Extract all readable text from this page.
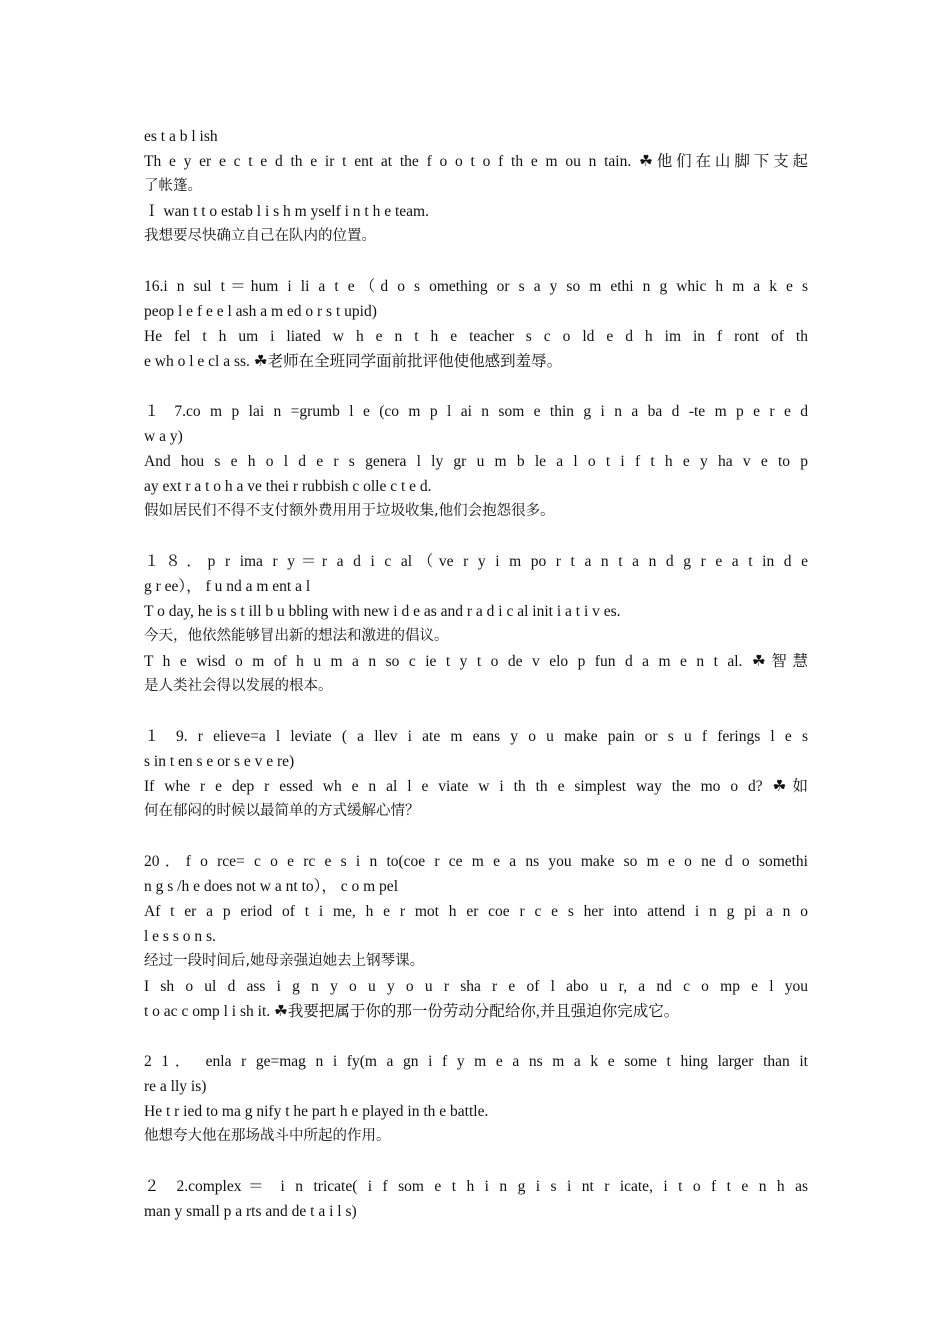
es t a b l ish
Th e y er e c t e d th e ir t ent at the f o o t o f th e m ou n tain. ☘他们在山脚下支起
了帐篷。
Ｉ wan t t o estab l i s h m yself i n t h e team.
我想要尽快确立自己在队内的位置。
16.i n sul t＝hum i li a t e（d o s omething or s a y so m ethi n g whic h m a k e s
peop l e f e e l ash a m ed o r s t upid)
He fel t h um i liated w h e n t h e teacher s c o ld e d h im in f ront of th
e wh o l e cl a ss. ☘老师在全班同学面前批评他使他感到羞辱。
１ 7.co m p lai n =grumb l e (co m p l ai n som e thin g i n a ba d -te m p e r e d
w a y)
And hou s e h o l d e r s genera l ly gr u m b le a l o t i f t h e y ha v e to p
ay ext r a t o h a ve thei r rubbish c olle c t e d.
假如居民们不得不支付额外费用用于垃圾收集,他们会抱怨很多。
１８．p r ima r y＝r a d i c al（ve r y i m po r t a n t a n d g r e a t in d e
g r ee）， f u nd a m ent a l
T o day, he is s t ill b u bbling with new i d e as and r a d i c al init i a t i v es.
今天，他依然能够冒出新的想法和激进的倡议。
T h e wisd o m of h u m a n so c ie t y t o de v elo p fun d a m e n t al. ☘智慧
是人类社会得以发展的根本。
１ 9. r elieve=a l leviate ( a llev i ate m eans y o u make pain or s u f ferings l e s
s in t en s e or s e v e re)
If whe r e dep r essed wh e n al l e viate w i th th e simplest way the mo o d? ☘如
何在郁闷的时候以最简单的方式缓解心情？
20．f o rce= c o e rc e s i n to(coe r ce m e a ns you make so m e o ne d o somethi
n g s /h e does not w a nt to）， c o m pel
Af t er a p eriod of t i me, h e r mot h er coe r c e s her into attend i n g pi a n o
l e s s o n s.
经过一段时间后,她母亲强迫她去上钢琴课。
I sh o ul d ass i g n y o u y o u r sha r e of l abo u r, a nd c o mp e l you
t o ac c omp l i sh it. ☘我要把属于你的那一份劳动分配给你,并且强迫你完成它。
2 1． enla r ge=mag n i fy(m a gn i f y m e a ns m a k e some t hing larger than it
re a lly is)
He t r ied to ma g nify t he part h e played in th e battle.
他想夸大他在那场战斗中所起的作用。
２ 2.complex＝ i n tricate( i f som e t h i n g i s i nt r icate, i t o f t e n h as
man y small p a rts and de t a i l s)
